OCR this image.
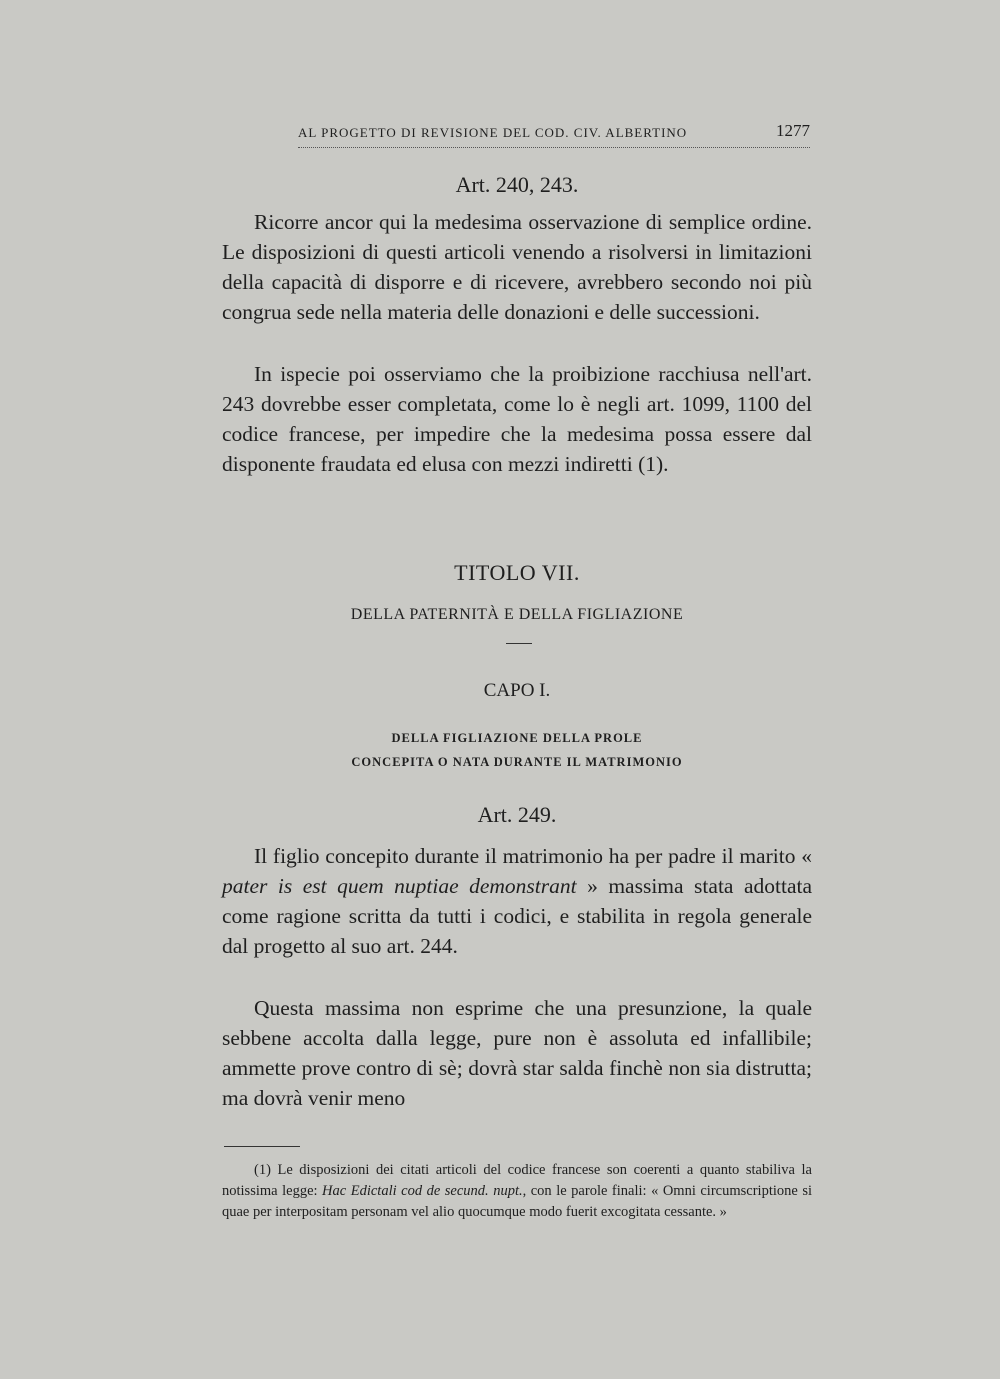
AL PROGETTO DI REVISIONE DEL COD. CIV. ALBERTINO	1277
Art. 240, 243.

Ricorre ancor qui la medesima osservazione di semplice ordine. Le disposizioni di questi articoli venendo a risolversi in limitazioni della capacità di disporre e di ricevere, avrebbero secondo noi più congrua sede nella materia delle donazioni e delle successioni.

In ispecie poi osserviamo che la proibizione racchiusa nell'art. 243 dovrebbe esser completata, come lo è negli art. 1099, 1100 del codice francese, per impedire che la medesima possa essere dal disponente fraudata ed elusa con mezzi indiretti (1).

TITOLO VII.
DELLA PATERNITÀ E DELLA FIGLIAZIONE
CAPO I.
DELLA FIGLIAZIONE DELLA PROLE
CONCEPITA O NATA DURANTE IL MATRIMONIO
Art. 249.

Il figlio concepito durante il matrimonio ha per padre il marito « pater is est quem nuptiae demonstrant » massima stata adottata come ragione scritta da tutti i codici, e stabilita in regola generale dal progetto al suo art. 244.

Questa massima non esprime che una presunzione, la quale sebbene accolta dalla legge, pure non è assoluta ed infallibile; ammette prove contro di sè; dovrà star salda finchè non sia distrutta; ma dovrà venir meno

(1) Le disposizioni dei citati articoli del codice francese son coerenti a quanto stabiliva la notissima legge: Hac Edictali cod de secund. nupt., con le parole finali: « Omni circumscriptione si quae per interpositam personam vel alio quocumque modo fuerit excogitata cessante. »
